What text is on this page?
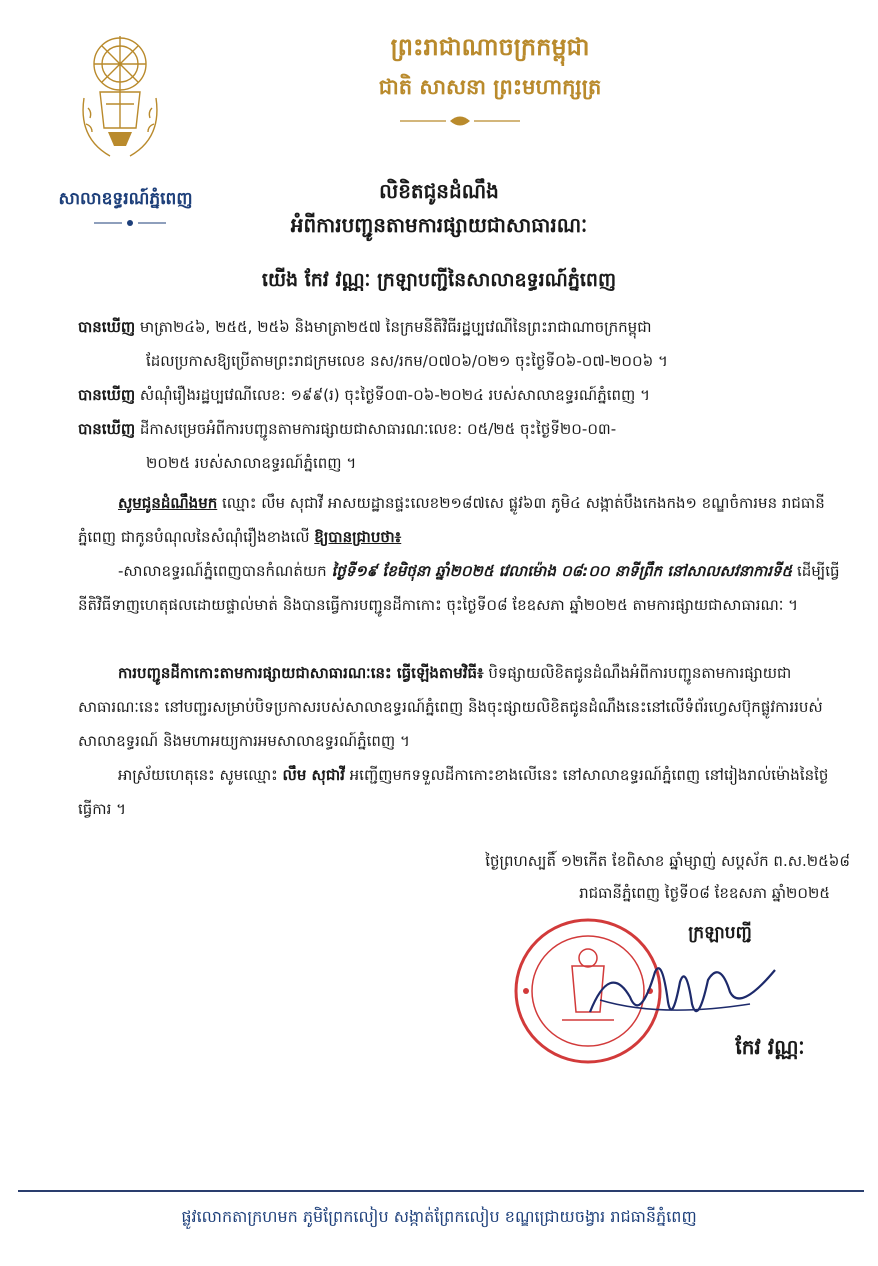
សាលាឧទ្ធរណ៍ភ្នំពេញ
ព្រះរាជាណាចក្រកម្ពុជា
ជាតិ សាសនា ព្រះមហាក្សត្រ
លិខិតជូនដំណឹង
អំពីការបញ្ជូនតាមការផ្សាយជាសាធារណៈ
យើង កែវ វណ្ណៈ ក្រឡាបញ្ជីនៃសាលាឧទ្ធរណ៍ភ្នំពេញ
បានឃើញ មាត្រា២៤៦, ២៥៥, ២៥៦ និងមាត្រា២៥៧ នៃក្រមនីតិវិធីរដ្ឋប្បវេណីនៃព្រះរាជាណាចក្រកម្ពុជា
ដែលប្រកាសឱ្យប្រើតាមព្រះរាជក្រមលេខ នស/រកម/០៧០៦/០២១ ចុះថ្ងៃទី០៦-០៧-២០០៦ ។
បានឃើញ សំណុំរឿងរដ្ឋប្បវេណីលេខ: ១៩៩(រ) ចុះថ្ងៃទី០៣-០៦-២០២៤ របស់សាលាឧទ្ធរណ៍ភ្នំពេញ ។
បានឃើញ ដីកាសម្រេចអំពីការបញ្ជូនតាមការផ្សាយជាសាធារណៈលេខ: ០៥/២៥ ចុះថ្ងៃទី២០-០៣-
២០២៥ របស់សាលាឧទ្ធរណ៍ភ្នំពេញ ។
សូមជូនដំណឹងមក ឈ្មោះ លឹម សុជាវី អាសយដ្ឋានផ្ទះលេខ២១៨៧សេ ផ្លូវ៦៣ ភូមិ៤ សង្កាត់បឹងកេងកង១ ខណ្ឌចំការមន រាជធានីភ្នំពេញ ជាកូនបំណុលនៃសំណុំរឿងខាងលើ ឱ្យបានជ្រាបថា៖
-សាលាឧទ្ធរណ៍ភ្នំពេញបានកំណត់យក ថ្ងៃទី១៩ ខែមិថុនា ឆ្នាំ២០២៥ វេលាម៉ោង ០៨:០០ នាទីព្រឹក នៅសាលសវនាការទី៥ ដើម្បីធ្វើនីតិវិធីទាញហេតុផលដោយផ្ទាល់មាត់ និងបានធ្វើការបញ្ជូនដីកាកោះ ចុះថ្ងៃទី០៨ ខែឧសភា ឆ្នាំ២០២៥ តាមការផ្សាយជាសាធារណៈ ។
ការបញ្ជូនដីកាកោះតាមការផ្សាយជាសាធារណៈនេះ ធ្វើឡើងតាមវិធី៖ បិទផ្សាយលិខិតជូនដំណឹងអំពីការបញ្ជូនតាមការផ្សាយជាសាធារណៈនេះ នៅបញ្ជរសម្រាប់បិទប្រកាសរបស់សាលាឧទ្ធរណ៍ភ្នំពេញ និងចុះផ្សាយលិខិតជូនដំណឹងនេះនៅលើទំព័រហ្វេសប៊ុកផ្លូវការរបស់ សាលាឧទ្ធរណ៍ និងមហាអយ្យការអមសាលាឧទ្ធរណ៍ភ្នំពេញ ។
អាស្រ័យហេតុនេះ សូមឈ្មោះ លឹម សុជាវី អញ្ជើញមកទទួលដីកាកោះខាងលើនេះ នៅសាលាឧទ្ធរណ៍ភ្នំពេញ នៅរៀងរាល់ម៉ោងនៃថ្ងៃធ្វើការ ។
ថ្ងៃព្រហស្បតិ៍ ១២កើត ខែពិសាខ ឆ្នាំម្សាញ់ សប្តស័ក ព.ស.២៥៦៨
រាជធានីភ្នំពេញ ថ្ងៃទី០៨ ខែឧសភា ឆ្នាំ២០២៥
ក្រឡាបញ្ជី
កែវ វណ្ណៈ
ផ្លូវលោកតាក្រហមក ភូមិព្រែកលៀប សង្កាត់ព្រែកលៀប ខណ្ឌជ្រោយចង្វារ រាជធានីភ្នំពេញ
